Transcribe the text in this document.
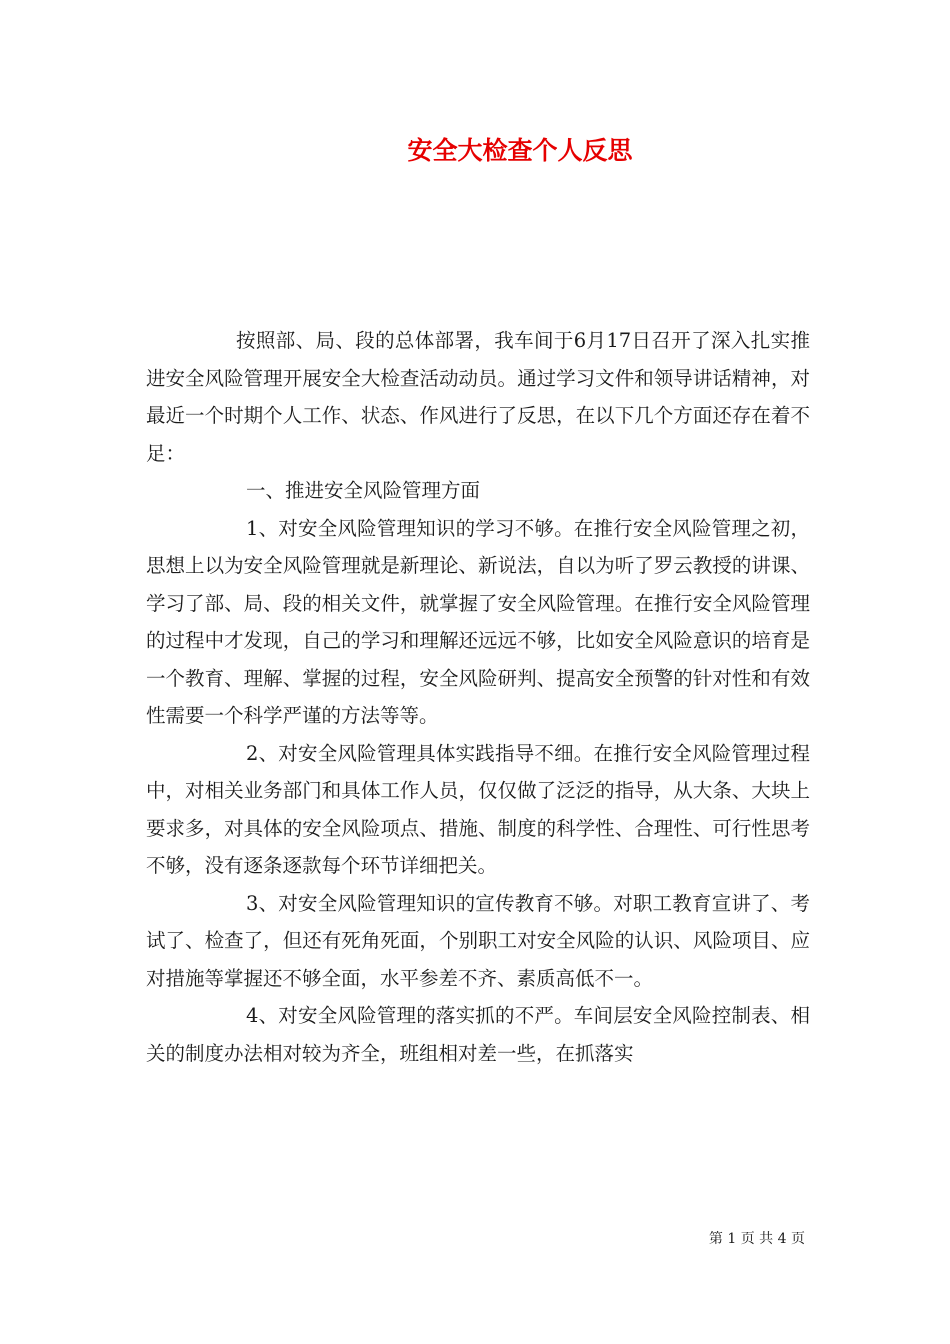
安全大检查个人反思

按照部、局、段的总体部署，我车间于6月17日召开了深入扎实推进安全风险管理开展安全大检查活动动员。通过学习文件和领导讲话精神，对最近一个时期个人工作、状态、作风进行了反思，在以下几个方面还存在着不足：

一、推进安全风险管理方面

1、对安全风险管理知识的学习不够。在推行安全风险管理之初，思想上以为安全风险管理就是新理论、新说法，自以为听了罗云教授的讲课、学习了部、局、段的相关文件，就掌握了安全风险管理。在推行安全风险管理的过程中才发现，自己的学习和理解还远远不够，比如安全风险意识的培育是一个教育、理解、掌握的过程，安全风险研判、提高安全预警的针对性和有效性需要一个科学严谨的方法等等。

2、对安全风险管理具体实践指导不细。在推行安全风险管理过程中，对相关业务部门和具体工作人员，仅仅做了泛泛的指导，从大条、大块上要求多，对具体的安全风险项点、措施、制度的科学性、合理性、可行性思考不够，没有逐条逐款每个环节详细把关。

3、对安全风险管理知识的宣传教育不够。对职工教育宣讲了、考试了、检查了，但还有死角死面，个别职工对安全风险的认识、风险项目、应对措施等掌握还不够全面，水平参差不齐、素质高低不一。

4、对安全风险管理的落实抓的不严。车间层安全风险控制表、相关的制度办法相对较为齐全，班组相对差一些，在抓落实

第 1 页 共 4 页
